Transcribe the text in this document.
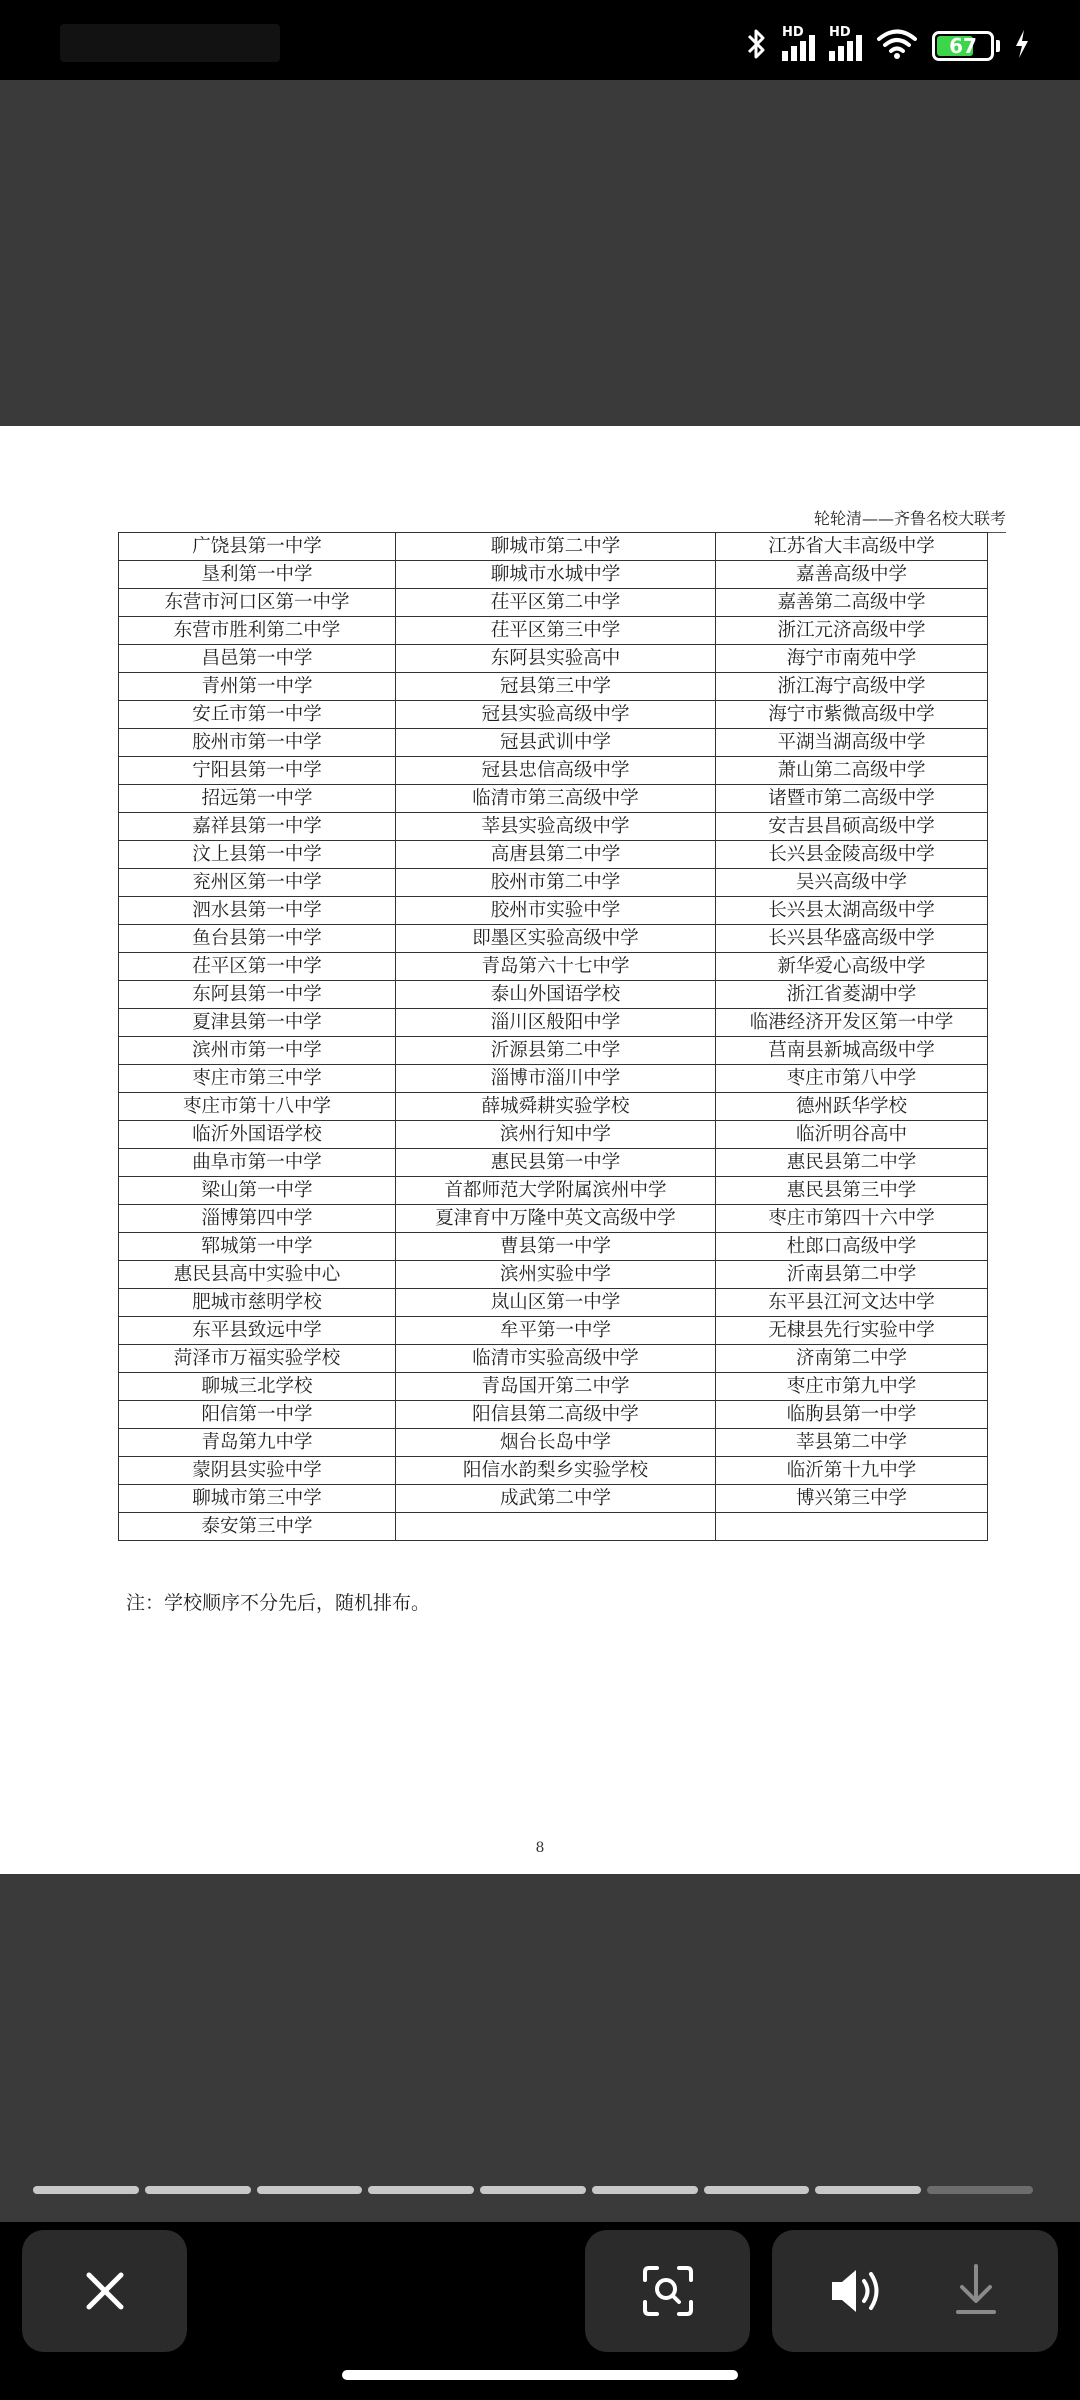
HD HD
67
轮轮清——齐鲁名校大联考
广饶县第一中学	聊城市第二中学	江苏省大丰高级中学
垦利第一中学	聊城市水城中学	嘉善高级中学
东营市河口区第一中学	茌平区第二中学	嘉善第二高级中学
东营市胜利第二中学	茌平区第三中学	浙江元济高级中学
昌邑第一中学	东阿县实验高中	海宁市南苑中学
青州第一中学	冠县第三中学	浙江海宁高级中学
安丘市第一中学	冠县实验高级中学	海宁市紫微高级中学
胶州市第一中学	冠县武训中学	平湖当湖高级中学
宁阳县第一中学	冠县忠信高级中学	萧山第二高级中学
招远第一中学	临清市第三高级中学	诸暨市第二高级中学
嘉祥县第一中学	莘县实验高级中学	安吉县昌硕高级中学
汶上县第一中学	高唐县第二中学	长兴县金陵高级中学
兖州区第一中学	胶州市第二中学	吴兴高级中学
泗水县第一中学	胶州市实验中学	长兴县太湖高级中学
鱼台县第一中学	即墨区实验高级中学	长兴县华盛高级中学
茌平区第一中学	青岛第六十七中学	新华爱心高级中学
东阿县第一中学	泰山外国语学校	浙江省菱湖中学
夏津县第一中学	淄川区般阳中学	临港经济开发区第一中学
滨州市第一中学	沂源县第二中学	莒南县新城高级中学
枣庄市第三中学	淄博市淄川中学	枣庄市第八中学
枣庄市第十八中学	薛城舜耕实验学校	德州跃华学校
临沂外国语学校	滨州行知中学	临沂明谷高中
曲阜市第一中学	惠民县第一中学	惠民县第二中学
梁山第一中学	首都师范大学附属滨州中学	惠民县第三中学
淄博第四中学	夏津育中万隆中英文高级中学	枣庄市第四十六中学
郓城第一中学	曹县第一中学	杜郎口高级中学
惠民县高中实验中心	滨州实验中学	沂南县第二中学
肥城市慈明学校	岚山区第一中学	东平县江河文达中学
东平县致远中学	牟平第一中学	无棣县先行实验中学
菏泽市万福实验学校	临清市实验高级中学	济南第二中学
聊城三北学校	青岛国开第二中学	枣庄市第九中学
阳信第一中学	阳信县第二高级中学	临朐县第一中学
青岛第九中学	烟台长岛中学	莘县第二中学
蒙阴县实验中学	阳信水韵梨乡实验学校	临沂第十九中学
聊城市第三中学	成武第二中学	博兴第三中学
泰安第三中学		
注：学校顺序不分先后，随机排布。
8
